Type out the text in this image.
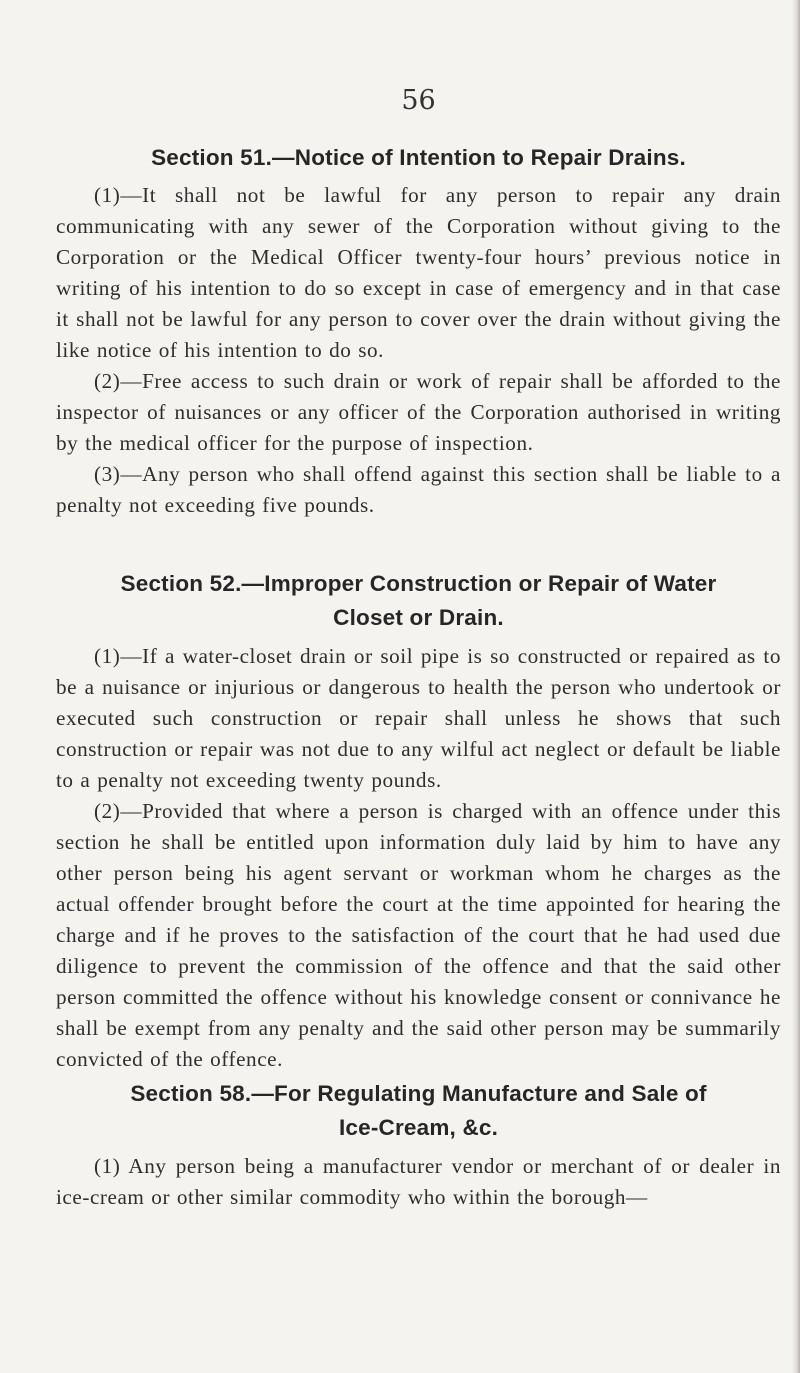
56
Section 51.—Notice of Intention to Repair Drains.

(1)—It shall not be lawful for any person to repair any drain communicating with any sewer of the Corporation without giving to the Corporation or the Medical Officer twenty-four hours’ previous notice in writing of his intention to do so except in case of emergency and in that case it shall not be lawful for any person to cover over the drain without giving the like notice of his intention to do so.

(2)—Free access to such drain or work of repair shall be afforded to the inspector of nuisances or any officer of the Corporation authorised in writing by the medical officer for the purpose of inspection.

(3)—Any person who shall offend against this section shall be liable to a penalty not exceeding five pounds.

Section 52.—Improper Construction or Repair of Water
Closet or Drain.

(1)—If a water-closet drain or soil pipe is so constructed or repaired as to be a nuisance or injurious or dangerous to health the person who undertook or executed such construction or repair shall unless he shows that such construction or repair was not due to any wilful act neglect or default be liable to a penalty not exceeding twenty pounds.

(2)—Provided that where a person is charged with an offence under this section he shall be entitled upon information duly laid by him to have any other person being his agent servant or workman whom he charges as the actual offender brought before the court at the time appointed for hearing the charge and if he proves to the satisfaction of the court that he had used due diligence to prevent the commission of the offence and that the said other person committed the offence without his knowledge consent or connivance he shall be exempt from any penalty and the said other person may be summarily convicted of the offence.

Section 58.—For Regulating Manufacture and Sale of
Ice-Cream, &c.

(1) Any person being a manufacturer vendor or merchant of or dealer in ice-cream or other similar commodity who within the borough—
